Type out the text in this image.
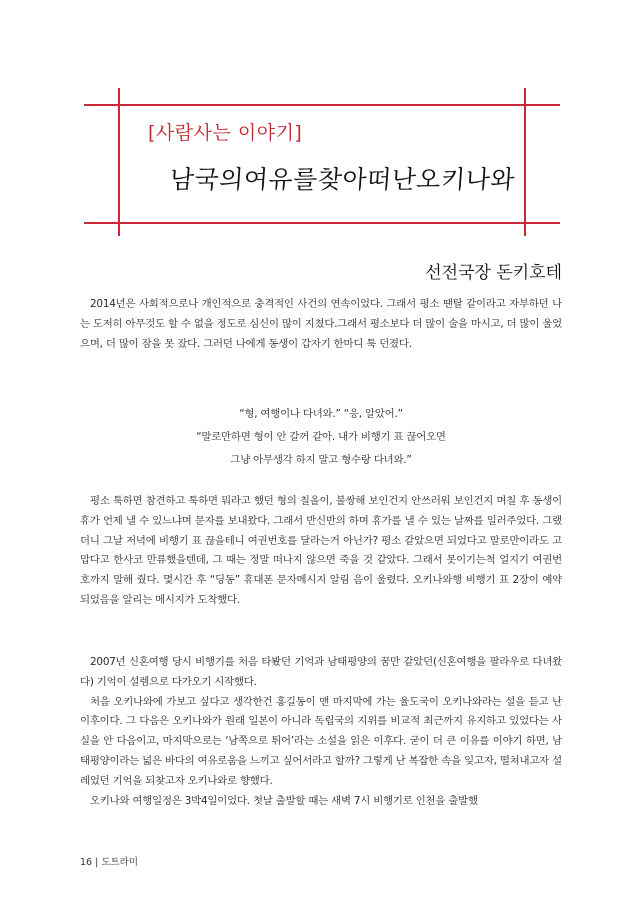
[사람사는 이야기]
남국의여유를찾아떠난오키나와
선전국장 돈키호테

2014년은 사회적으로나 개인적으로 충격적인 사건의 연속이었다. 그래서 평소 땐탈 같이라고 자부하던 나는 도저히 아무것도 할 수 없을 정도로 심신이 많이 지쳤다.그래서 평소보다 더 많이 술을 마시고, 더 많이 울었으며, 더 많이 잠을 못 잤다. 그러던 나에게 동생이 갑자기 한마디 툭 던졌다.

“형, 여행이나 다녀와.” “응, 알았어.”
“말로만하면 형이 안 갈꺼 같아. 내가 비행기 표 끊어오면
그냥 아무생각 하지 말고 형수랑 다녀와.”

평소 툭하면 참견하고 툭하면 뭐라고 했던 형의 칠올이, 불쌍해 보인건지 안쓰러워 보인건지 며칠 후 동생이 휴가 언제 낼 수 있느냐며 문자를 보내왔다. 그래서 반신반의 하며 휴가를 낼 수 있는 날짜를 일러주었다. 그랬더니 그날 저녁에 비행기 표 끊을테니 여권번호를 달라는거 아닌가? 평소 같았으면 되었다고 말로만이라도 고맙다고 한사코 만류했을텐데, 그 때는 정말 떠나지 않으면 죽을 것 같았다. 그래서 못이기는척 얼지기 여권번호까지 말해 줬다. 몇시간 후 “딩동” 휴대폰 문자메시지 알림 음이 울렸다. 오키나와행 비행기 표 2장이 예약되었음을 알리는 메시지가 도착했다.

2007년 신혼여행 당시 비행기를 처음 타봤던 기억과 남태평양의 꿈만 같았던(신혼여행을 팔라우로 다녀왔다) 기억이 설렘으로 다가오기 시작했다.

처음 오키나와에 가보고 싶다고 생각한건 홍길동이 맨 마지막에 가는 율도국이 오키나와라는 설을 듣고 난 이후이다. 그 다음은 오키나와가 원래 일본이 아니라 독립국의 지위를 비교적 최근까지 유지하고 있었다는 사실을 안 다음이고, 마지막으로는 ‘남쪽으로 튀어’라는 소설을 읽은 이후다. 굳이 더 큰 이유를 이야기 하면, 남태평양이라는 넓은 바다의 여유로움을 느끼고 싶어서라고 할까? 그렇게 난 복잡한 속을 잊고자, 떨쳐내고자 설레었던 기억을 되찾고자 오키나와로 향했다.

오키나와 여행일정은 3박4일이었다. 첫날 출발할 때는 새벽 7시 비행기로 인천을 출발했

16 | 도트라미
